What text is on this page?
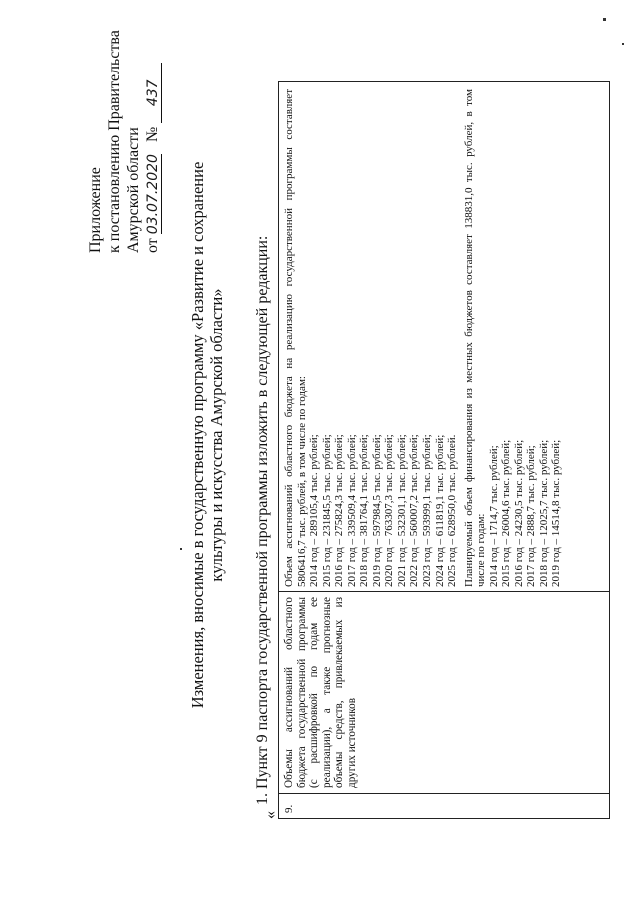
Приложение к постановлению Правительства Амурской области от 03.07.2020 № 437
Изменения, вносимые в государственную программу «Развитие и сохранение культуры и искусства Амурской области» 1. Пункт 9 паспорта государственной программы изложить в следующей редакции:
«
9.
Объемы ассигнований областного бюджета государственной программы (с расшифровкой по годам ее реализации), а также прогнозные объемы средств, привлекаемых из других источников
Объем ассигнований областного бюджета на реализацию государственной программы составляет 5806416,7 тыс. рублей, в том числе по годам: 2014 год – 289105,4 тыс. рублей; 2015 год – 231845,5 тыс. рублей; 2016 год – 275824,3 тыс. рублей; 2017 год – 339509,4 тыс. рублей; 2018 год – 381764,1 тыс. рублей; 2019 год – 597984,5 тыс. рублей; 2020 год – 763307,3 тыс. рублей; 2021 год – 532301,1 тыс. рублей; 2022 год – 560007,2 тыс. рублей; 2023 год – 593999,1 тыс. рублей; 2024 год – 611819,1 тыс. рублей; 2025 год – 628950,0 тыс. рублей. Планируемый объем финансирования из местных бюджетов составляет 138831,0 тыс. рублей, в том числе по годам: 2014 год – 1714,7 тыс. рублей; 2015 год – 26004,6 тыс. рублей; 2016 год – 24230,5 тыс. рублей; 2017 год – 2888,7 тыс. рублей; 2018 год – 12025,7 тыс. рублей; 2019 год – 14514,8 тыс. рублей;
